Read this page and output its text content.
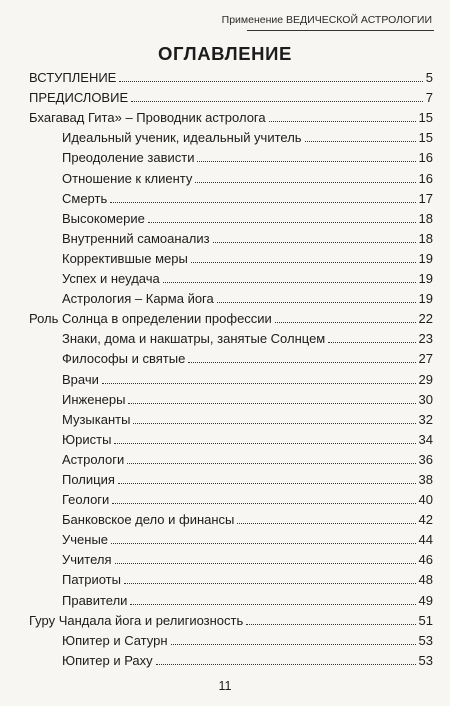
Применение ВЕДИЧЕСКОЙ АСТРОЛОГИИ
ОГЛАВЛЕНИЕ
ВСТУПЛЕНИЕ	5
ПРЕДИСЛОВИЕ	7
Бхагавад Гита» – Проводник астролога	15
Идеальный ученик, идеальный учитель	15
Преодоление зависти	16
Отношение к клиенту	16
Смерть	17
Высокомерие	18
Внутренний самоанализ	18
Корректившые меры	19
Успех и неудача	19
Астрология – Карма йога	19
Роль Солнца в определении профессии	22
Знаки, дома и накшатры, занятые Солнцем	23
Философы и святые	27
Врачи	29
Инженеры	30
Музыканты	32
Юристы	34
Астрологи	36
Полиция	38
Геологи	40
Банковское дело и финансы	42
Ученые	44
Учителя	46
Патриоты	48
Правители	49
Гуру Чандала йога и религиозность	51
Юпитер и Сатурн	53
Юпитер и Раху	53
11
